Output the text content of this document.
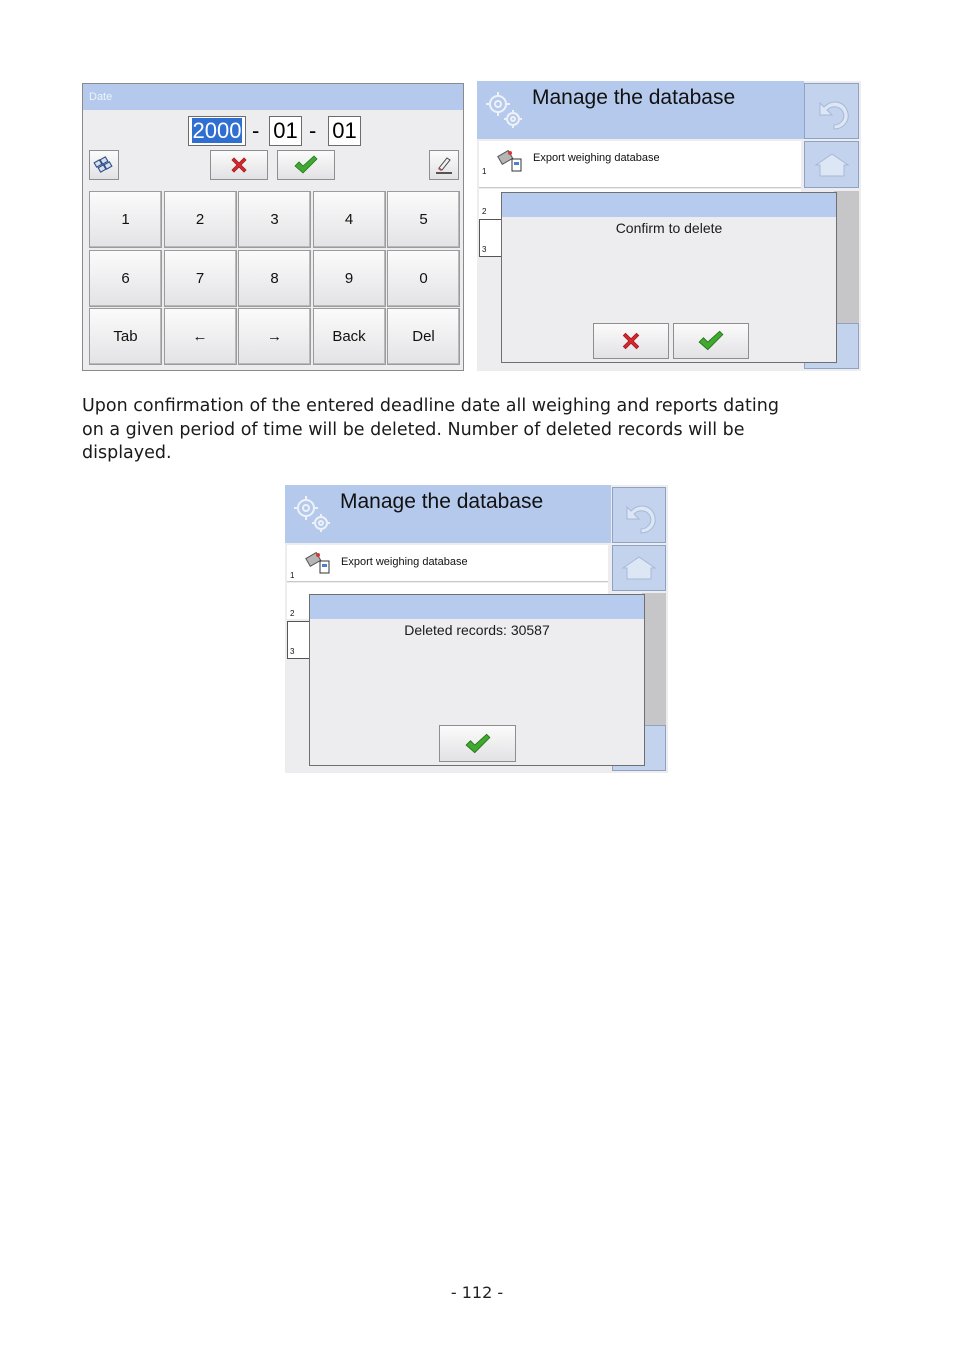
Date
2000 - 01 - 01
1	2	3	4	5
6	7	8	9	0
Tab	←	→	Back	Del
Manage the database
Export weighing database
1
2
3
Confirm to delete
Upon confirmation of the entered deadline date all weighing and reports dating
on a given period of time will be deleted. Number of deleted records will be
displayed.
Manage the database
Export weighing database
1
2
3
Deleted records: 30587
- 112 -
